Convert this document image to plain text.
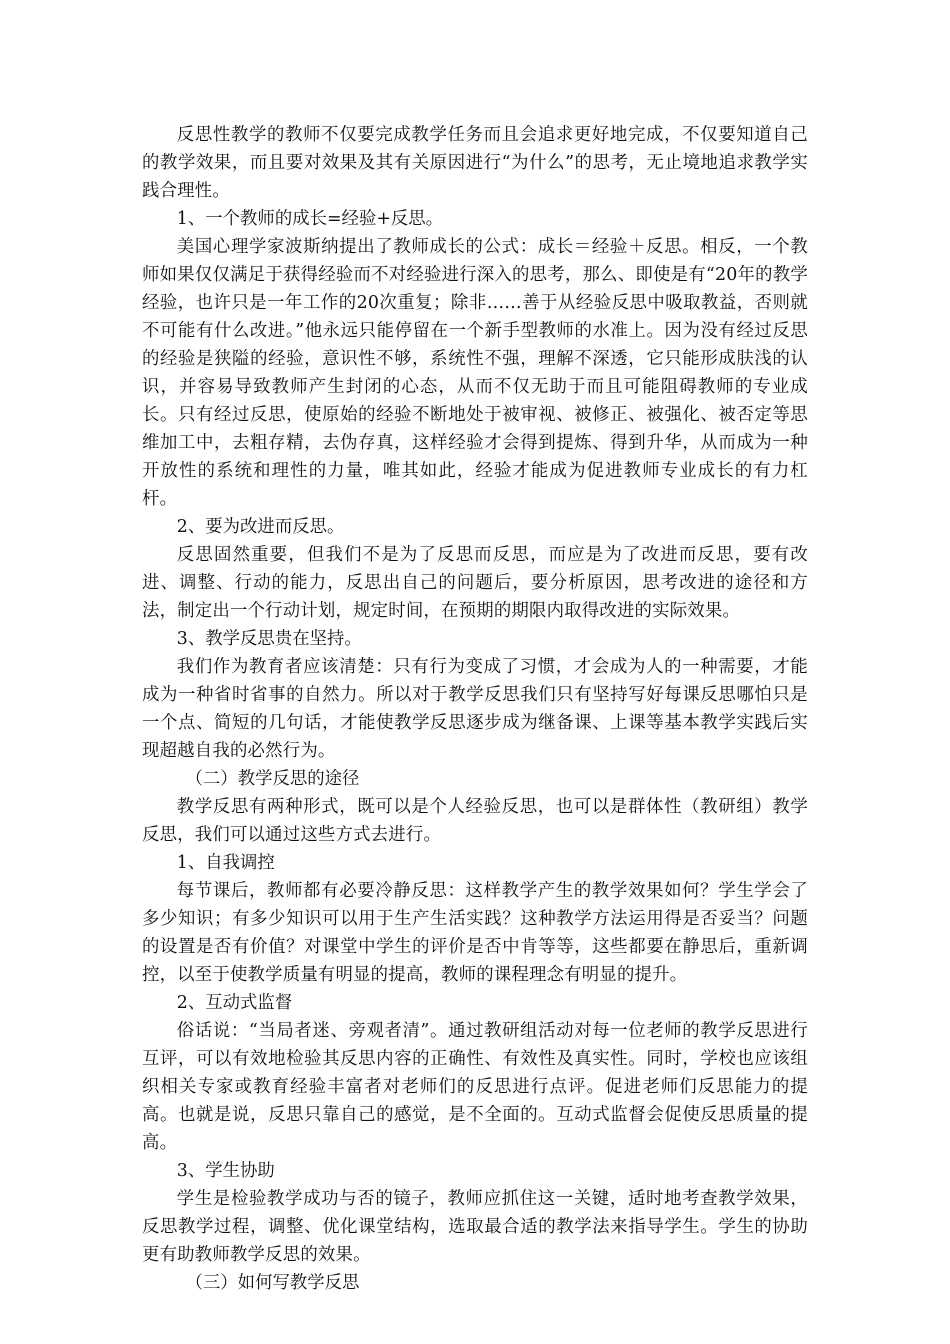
反思性教学的教师不仅要完成教学任务而且会追求更好地完成，不仅要知道自己的教学效果，而且要对效果及其有关原因进行“为什么”的思考，无止境地追求教学实践合理性。

1、一个教师的成长=经验+反思。

美国心理学家波斯纳提出了教师成长的公式：成长＝经验＋反思。相反，一个教师如果仅仅满足于获得经验而不对经验进行深入的思考，那么、即使是有“20年的教学经验，也许只是一年工作的20次重复；除非……善于从经验反思中吸取教益，否则就不可能有什么改进。”他永远只能停留在一个新手型教师的水准上。因为没有经过反思的经验是狭隘的经验，意识性不够，系统性不强，理解不深透，它只能形成肤浅的认识，并容易导致教师产生封闭的心态，从而不仅无助于而且可能阻碍教师的专业成长。只有经过反思，使原始的经验不断地处于被审视、被修正、被强化、被否定等思维加工中，去粗存精，去伪存真，这样经验才会得到提炼、得到升华，从而成为一种开放性的系统和理性的力量，唯其如此，经验才能成为促进教师专业成长的有力杠杆。

2、要为改进而反思。

反思固然重要，但我们不是为了反思而反思，而应是为了改进而反思，要有改进、调整、行动的能力，反思出自己的问题后，要分析原因，思考改进的途径和方法，制定出一个行动计划，规定时间，在预期的期限内取得改进的实际效果。

3、教学反思贵在坚持。

我们作为教育者应该清楚：只有行为变成了习惯，才会成为人的一种需要，才能成为一种省时省事的自然力。所以对于教学反思我们只有坚持写好每课反思哪怕只是一个点、简短的几句话，才能使教学反思逐步成为继备课、上课等基本教学实践后实现超越自我的必然行为。

（二）教学反思的途径

教学反思有两种形式，既可以是个人经验反思，也可以是群体性（教研组）教学反思，我们可以通过这些方式去进行。

1、自我调控

每节课后，教师都有必要冷静反思：这样教学产生的教学效果如何？学生学会了多少知识；有多少知识可以用于生产生活实践？这种教学方法运用得是否妥当？问题的设置是否有价值？对课堂中学生的评价是否中肯等等，这些都要在静思后，重新调控，以至于使教学质量有明显的提高，教师的课程理念有明显的提升。

2、互动式监督

俗话说：“当局者迷、旁观者清”。通过教研组活动对每一位老师的教学反思进行互评，可以有效地检验其反思内容的正确性、有效性及真实性。同时，学校也应该组织相关专家或教育经验丰富者对老师们的反思进行点评。促进老师们反思能力的提高。也就是说，反思只靠自己的感觉，是不全面的。互动式监督会促使反思质量的提高。

3、学生协助

学生是检验教学成功与否的镜子，教师应抓住这一关键，适时地考查教学效果，反思教学过程，调整、优化课堂结构，选取最合适的教学法来指导学生。学生的协助更有助教师教学反思的效果。

（三）如何写教学反思
